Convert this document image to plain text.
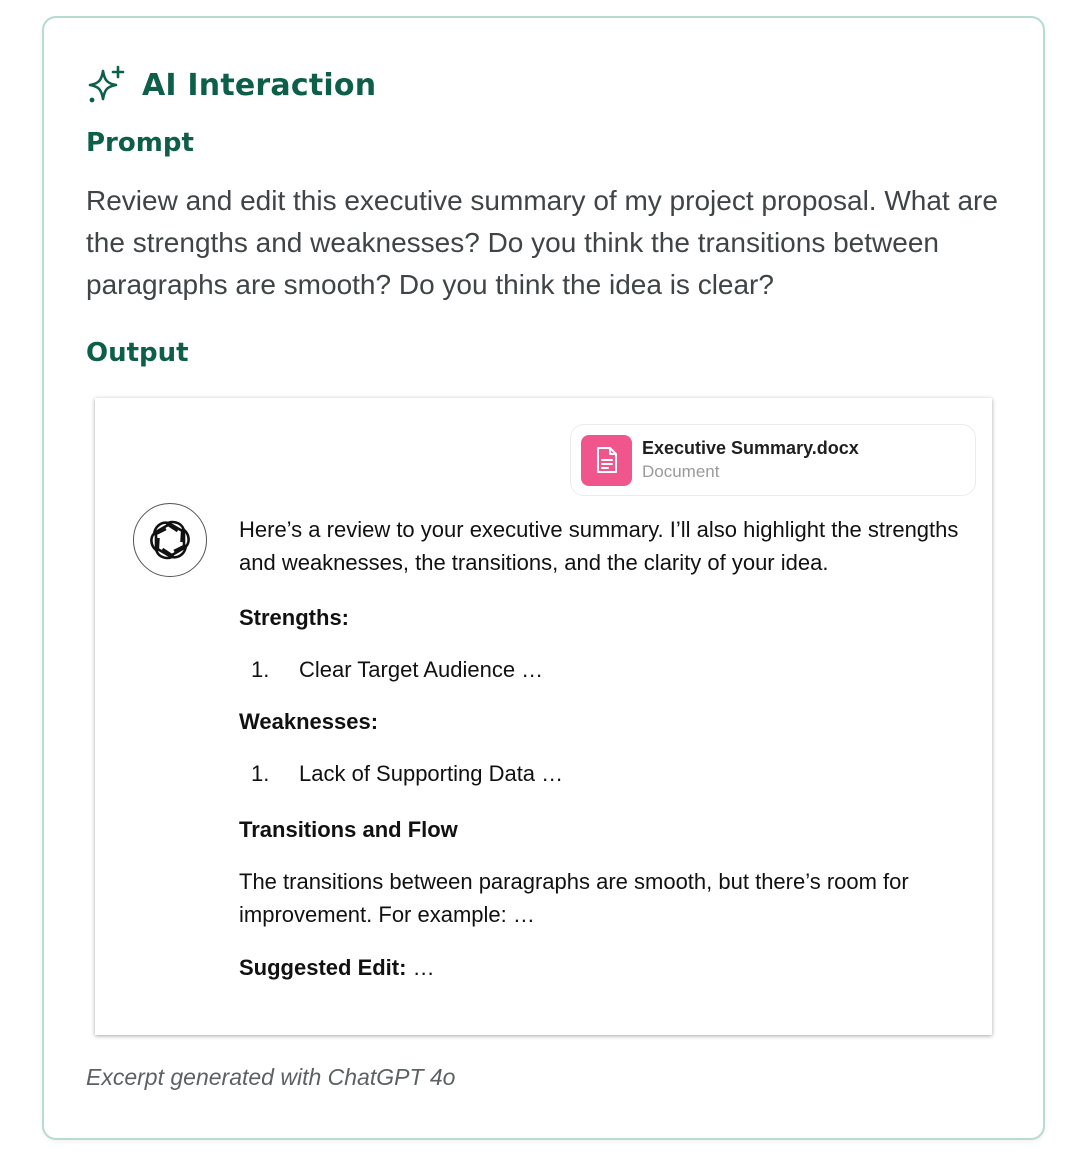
AI Interaction
Prompt
Review and edit this executive summary of my project proposal. What are the strengths and weaknesses? Do you think the transitions between paragraphs are smooth? Do you think the idea is clear?
Output
Executive Summary.docx
Document

Here’s a review to your executive summary. I’ll also highlight the strengths and weaknesses, the transitions, and the clarity of your idea.

Strengths:

1.	Clear Target Audience …

Weaknesses:

1.	Lack of Supporting Data …

Transitions and Flow

The transitions between paragraphs are smooth, but there’s room for improvement. For example: …

Suggested Edit: …

Excerpt generated with ChatGPT 4o
